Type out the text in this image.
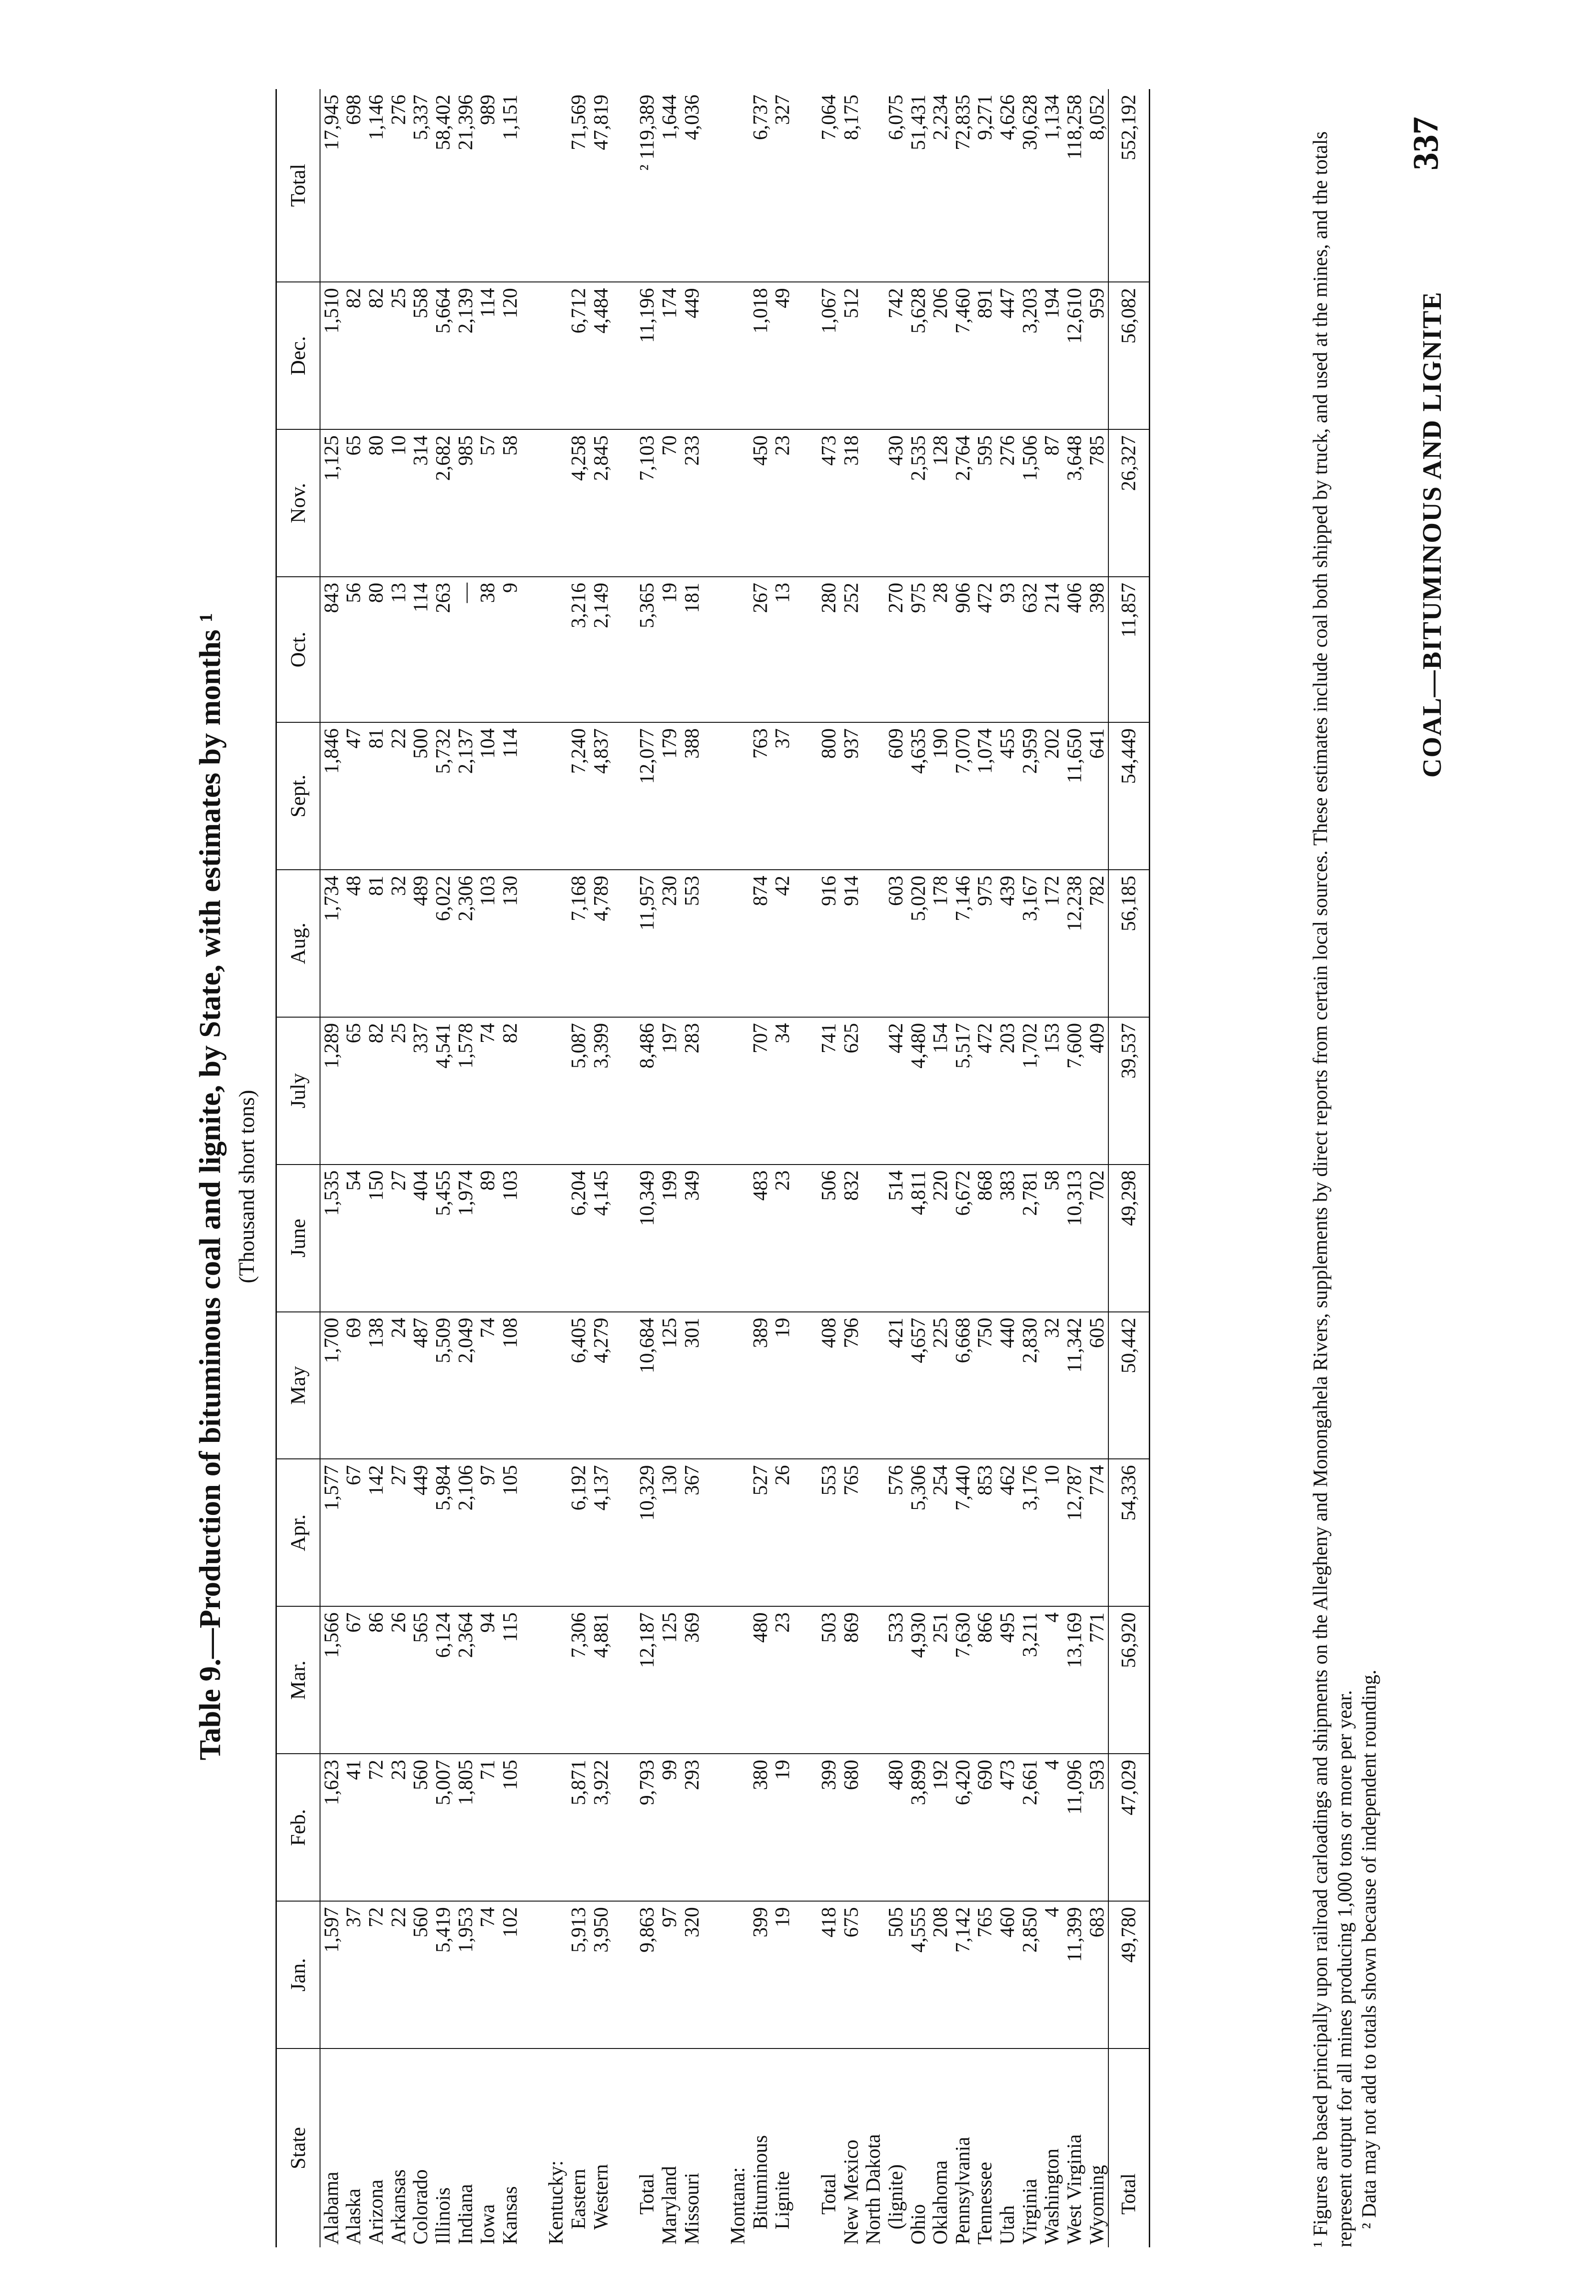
COAL—BITUMINOUS AND LIGNITE
337
Table 9.—Production of bituminous coal and lignite, by State, with estimates by months ¹ (Thousand short tons)
State	Jan.	Feb.	Mar.	Apr.	May	June	July	Aug.	Sept.	Oct.	Nov.	Dec.	Total
Alabama	1,597	1,623	1,566	1,577	1,700	1,535	1,289	1,734	1,846	843	1,125	1,510	17,945
Alaska	37	41	67	67	69	54	65	48	47	56	65	82	698
Arizona	72	72	86	142	138	150	82	81	81	80	80	82	1,146
Arkansas	22	23	26	27	24	27	25	32	22	13	10	25	276
Colorado	560	560	565	449	487	404	337	489	500	114	314	558	5,337
Illinois	5,419	5,007	6,124	5,984	5,509	5,455	4,541	6,022	5,732	263	2,682	5,664	58,402
Indiana	1,953	1,805	2,364	2,106	2,049	1,974	1,578	2,306	2,137	—	985	2,139	21,396
Iowa	74	71	94	97	74	89	74	103	104	38	57	114	989
Kansas	102	105	115	105	108	103	82	130	114	9	58	120	1,151

Kentucky:													
Eastern	5,913	5,871	7,306	6,192	6,405	6,204	5,087	7,168	7,240	3,216	4,258	6,712	71,569
Western	3,950	3,922	4,881	4,137	4,279	4,145	3,399	4,789	4,837	2,149	2,845	4,484	47,819

Total	9,863	9,793	12,187	10,329	10,684	10,349	8,486	11,957	12,077	5,365	7,103	11,196	² 119,389
Maryland	97	99	125	130	125	199	197	230	179	19	70	174	1,644
Missouri	320	293	369	367	301	349	283	553	388	181	233	449	4,036

Montana:													
Bituminous	399	380	480	527	389	483	707	874	763	267	450	1,018	6,737
Lignite	19	19	23	26	19	23	34	42	37	13	23	49	327

Total	418	399	503	553	408	506	741	916	800	280	473	1,067	7,064
New Mexico	675	680	869	765	796	832	625	914	937	252	318	512	8,175
North Dakota													
(lignite)	505	480	533	576	421	514	442	603	609	270	430	742	6,075
Ohio	4,555	3,899	4,930	5,306	4,657	4,811	4,480	5,020	4,635	975	2,535	5,628	51,431
Oklahoma	208	192	251	254	225	220	154	178	190	28	128	206	2,234
Pennsylvania	7,142	6,420	7,630	7,440	6,668	6,672	5,517	7,146	7,070	906	2,764	7,460	72,835
Tennessee	765	690	866	853	750	868	472	975	1,074	472	595	891	9,271
Utah	460	473	495	462	440	383	203	439	455	93	276	447	4,626
Virginia	2,850	2,661	3,211	3,176	2,830	2,781	1,702	3,167	2,959	632	1,506	3,203	30,628
Washington	4	4	4	10	32	58	153	172	202	214	87	194	1,134
West Virginia	11,399	11,096	13,169	12,787	11,342	10,313	7,600	12,238	11,650	406	3,648	12,610	118,258
Wyoming	683	593	771	774	605	702	409	782	641	398	785	959	8,052
Total	49,780	47,029	56,920	54,336	50,442	49,298	39,537	56,185	54,449	11,857	26,327	56,082	552,192

¹ Figures are based principally upon railroad carloadings and shipments on the Allegheny and Monongahela Rivers, supplements by direct reports from certain local sources. These estimates include coal both shipped by truck, and used at the mines, and the totals represent output for all mines producing 1,000 tons or more per year. ² Data may not add to totals shown because of independent rounding.
